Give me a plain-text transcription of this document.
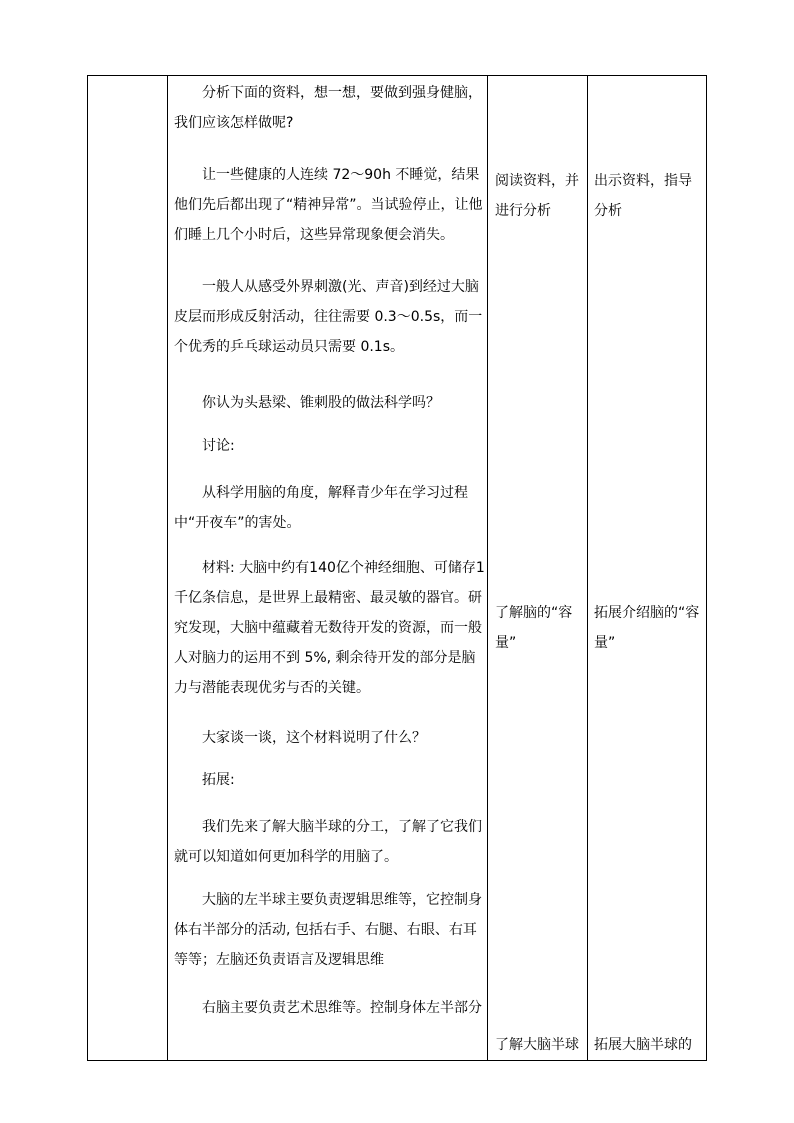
分析下面的资料，想一想，要做到强身健脑，我们应该怎样做呢?

让一些健康的人连续 72～90h 不睡觉，结果他们先后都出现了“精神异常”。当试验停止，让他们睡上几个小时后，这些异常现象便会消失。

一般人从感受外界刺激(光、声音)到经过大脑皮层而形成反射活动，往往需要 0.3～0.5s，而一个优秀的乒乓球运动员只需要 0.1s。

你认为头悬梁、锥刺股的做法科学吗？

讨论:

从科学用脑的角度，解释青少年在学习过程中“开夜车”的害处。

材料: 大脑中约有140亿个神经细胞、可储存1千亿条信息，是世界上最精密、最灵敏的器官。研究发现，大脑中蕴藏着无数待开发的资源，而一般人对脑力的运用不到 5%, 剩余待开发的部分是脑力与潜能表现优劣与否的关键。

大家谈一谈，这个材料说明了什么？

拓展:

我们先来了解大脑半球的分工，了解了它我们就可以知道如何更加科学的用脑了。

大脑的左半球主要负责逻辑思维等，它控制身体右半部分的活动, 包括右手、右腿、右眼、右耳等等；左脑还负责语言及逻辑思维

右脑主要负责艺术思维等。控制身体左半部分

阅读资料，并进行分析

了解脑的“容量”

了解大脑半球

出示资料，指导分析

拓展介绍脑的“容量”

拓展大脑半球的
